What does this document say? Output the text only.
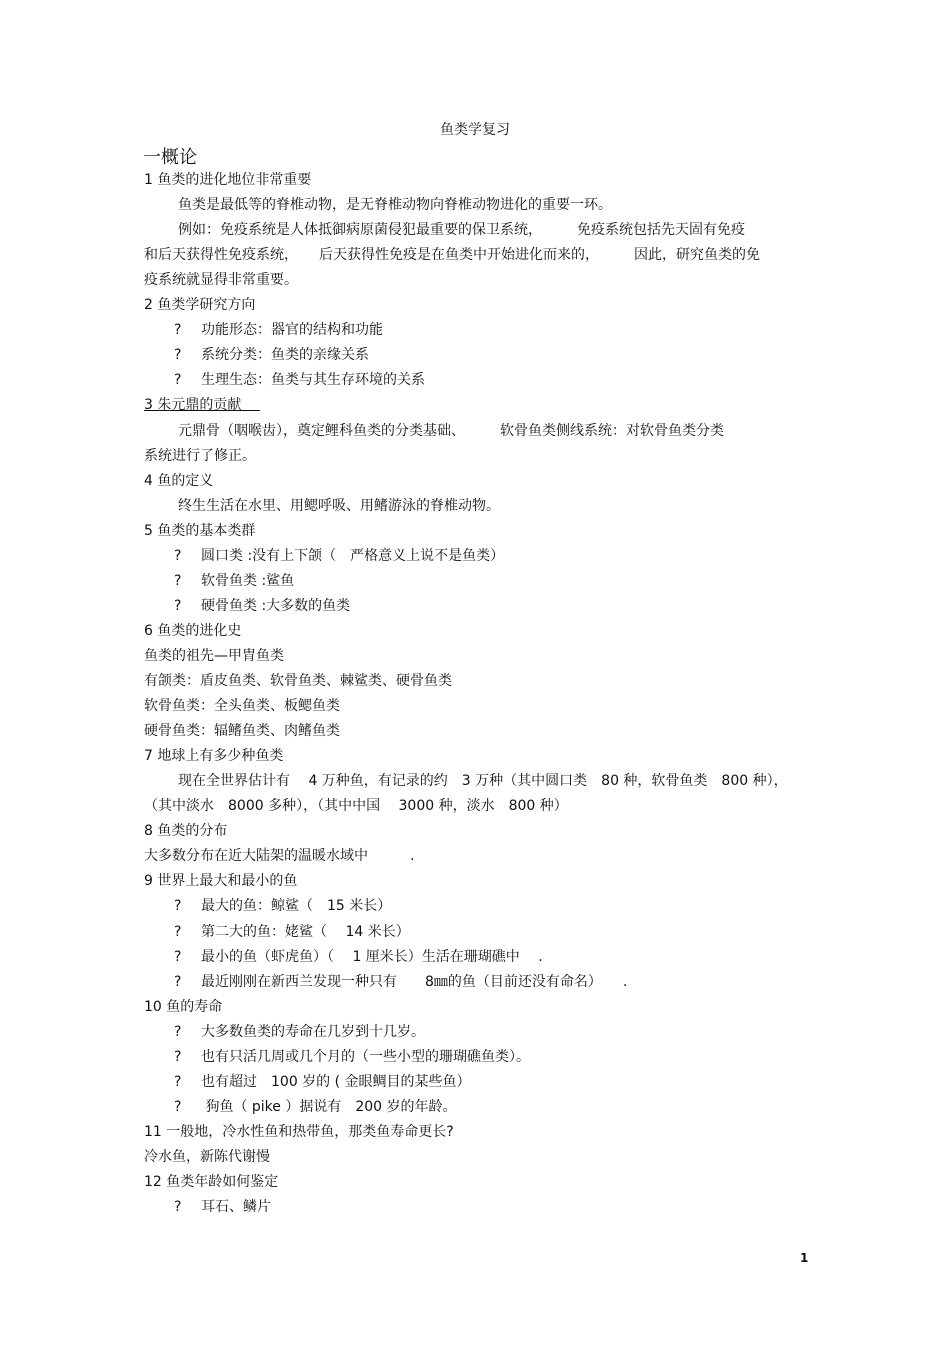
鱼类学复习
一概论
1 鱼类的进化地位非常重要
鱼类是最低等的脊椎动物，是无脊椎动物向脊椎动物进化的重要一环。
例如：免疫系统是人体抵御病原菌侵犯最重要的保卫系统，　　　免疫系统包括先天固有免疫
和后天获得性免疫系统，　　后天获得性免疫是在鱼类中开始进化而来的，　　　因此，研究鱼类的免
疫系统就显得非常重要。
2 鱼类学研究方向
? 功能形态：器官的结构和功能
? 系统分类：鱼类的亲缘关系
? 生理生态：鱼类与其生存环境的关系
3 朱元鼎的贡献 　
元鼎骨（咽喉齿），奠定鲤科鱼类的分类基础、　　　软骨鱼类侧线系统：对软骨鱼类分类
系统进行了修正。
4 鱼的定义
终生生活在水里、用鳃呼吸、用鳍游泳的脊椎动物。
5 鱼类的基本类群
? 圆口类 :没有上下颌（　严格意义上说不是鱼类）
? 软骨鱼类 :鲨鱼
? 硬骨鱼类 :大多数的鱼类
6 鱼类的进化史
鱼类的祖先—甲胄鱼类
有颌类：盾皮鱼类、软骨鱼类、棘鲨类、硬骨鱼类
软骨鱼类：全头鱼类、板鳃鱼类
硬骨鱼类：辐鳍鱼类、肉鳍鱼类
7 地球上有多少种鱼类
现在全世界估计有　 4 万种鱼，有记录的约　3 万种（其中圆口类　80 种，软骨鱼类　800 种），
（其中淡水　8000 多种），（其中中国　 3000 种，淡水　800 种）
8 鱼类的分布
大多数分布在近大陆架的温暖水域中　　　.
9 世界上最大和最小的鱼
? 最大的鱼：鲸鲨（　15 米长）
? 第二大的鱼：姥鲨（　 14 米长）
? 最小的鱼（虾虎鱼）（　 1 厘米长）生活在珊瑚礁中　 .
? 最近刚刚在新西兰发现一种只有　　8㎜的鱼（目前还没有命名）　　.
10 鱼的寿命
? 大多数鱼类的寿命在几岁到十几岁。
? 也有只活几周或几个月的（一些小型的珊瑚礁鱼类）。
? 也有超过　100 岁的 ( 金眼鲷目的某些鱼）
? 狗鱼（ pike ）据说有　200 岁的年龄。
11 一般地，冷水性鱼和热带鱼，那类鱼寿命更长?
冷水鱼，新陈代谢慢
12 鱼类年龄如何鉴定
? 耳石、鳞片
1
